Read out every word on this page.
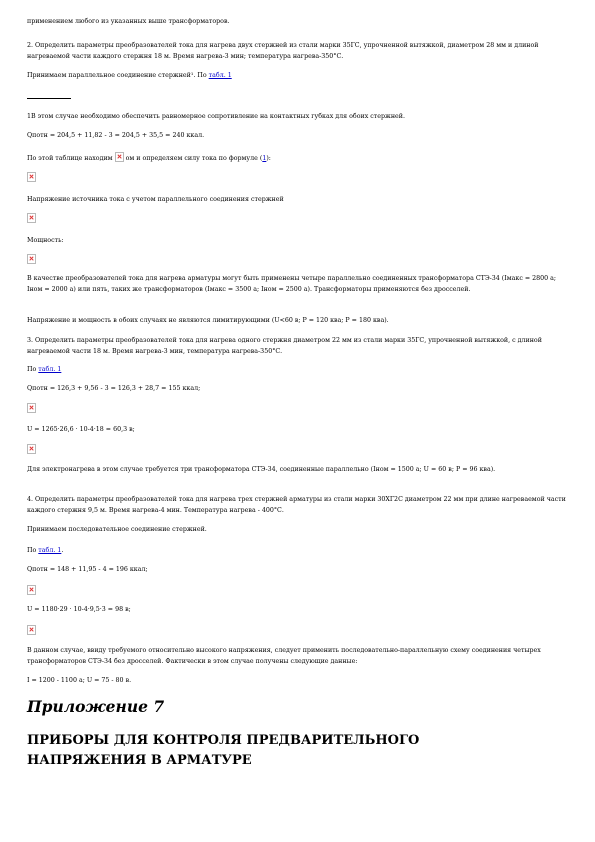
применением любого из указанных выше трансформаторов.

2. Определить параметры преобразователей тока для нагрева двух стержней из стали марки 35ГС, упрочненной вытяжкой, диаметром 28 мм и длиной нагреваемой части каждого стержня 18 м. Время нагрева-3 мин; температура нагрева-350°С.

Принимаем параллельное соединение стержней¹. По табл. 1

1В этом случае необходимо обеспечить равномерное сопротивление на контактных губках для обоих стержней.

Qпотн = 204,5 + 11,82 - 3 = 204,5 + 35,5 = 240 ккал.

По этой таблице находим  ом и определяем силу тока по формуле (1):

Напряжение источника тока с учетом параллельного соединения стержней

Мощность:

В качестве преобразователей тока для нагрева арматуры могут быть применены четыре параллельно соединенных трансформатора СТЭ-34 (Iмакс = 2800 а; Iном = 2000 а) или пять, таких же трансформаторов (Iмакс = 3500 а; Iном = 2500 а). Трансформаторы применяются без дросселей.

Напряжение и мощность в обоих случаях не являются лимитирующими (U<60 в; P = 120 ква; P = 180 ква).

3. Определить параметры преобразователей тока для нагрева одного стержня диаметром 22 мм из стали марки 35ГС, упрочненной вытяжкой, с длиной нагреваемой части 18 м. Время нагрева-3 мин, температура нагрева-350°С.

По табл. 1

Qпотн = 126,3 + 9,56 - 3 = 126,3 + 28,7 = 155 ккал;

U = 1265·26,6 · 10-4·18 = 60,3 в;

Для электронагрева в этом случае требуется три трансформатора СТЭ-34, соединенные параллельно (Iном = 1500 а; U = 60 в; P = 96 ква).

4. Определить параметры преобразователей тока для нагрева трех стержней арматуры из стали марки 30ХГ2С диаметром 22 мм при длине нагреваемой части каждого стержня 9,5 м. Время нагрева-4 мин. Температура нагрева - 400°С.

Принимаем последовательное соединение стержней.

По табл. 1.

Qпотн = 148 + 11,95 - 4 = 196 ккал;

U = 1180·29 · 10-4·9,5·3 = 98 в;

В данном случае, ввиду требуемого относительно высокого напряжения, следует применить последовательно-параллельную схему соединения четырех трансформаторов СТЭ-34 без дросселей. Фактически в этом случае получены следующие данные:

I = 1200 - 1100 а; U = 75 - 80 в.

Приложение 7
ПРИБОРЫ ДЛЯ КОНТРОЛЯ ПРЕДВАРИТЕЛЬНОГО
НАПРЯЖЕНИЯ В АРМАТУРЕ
